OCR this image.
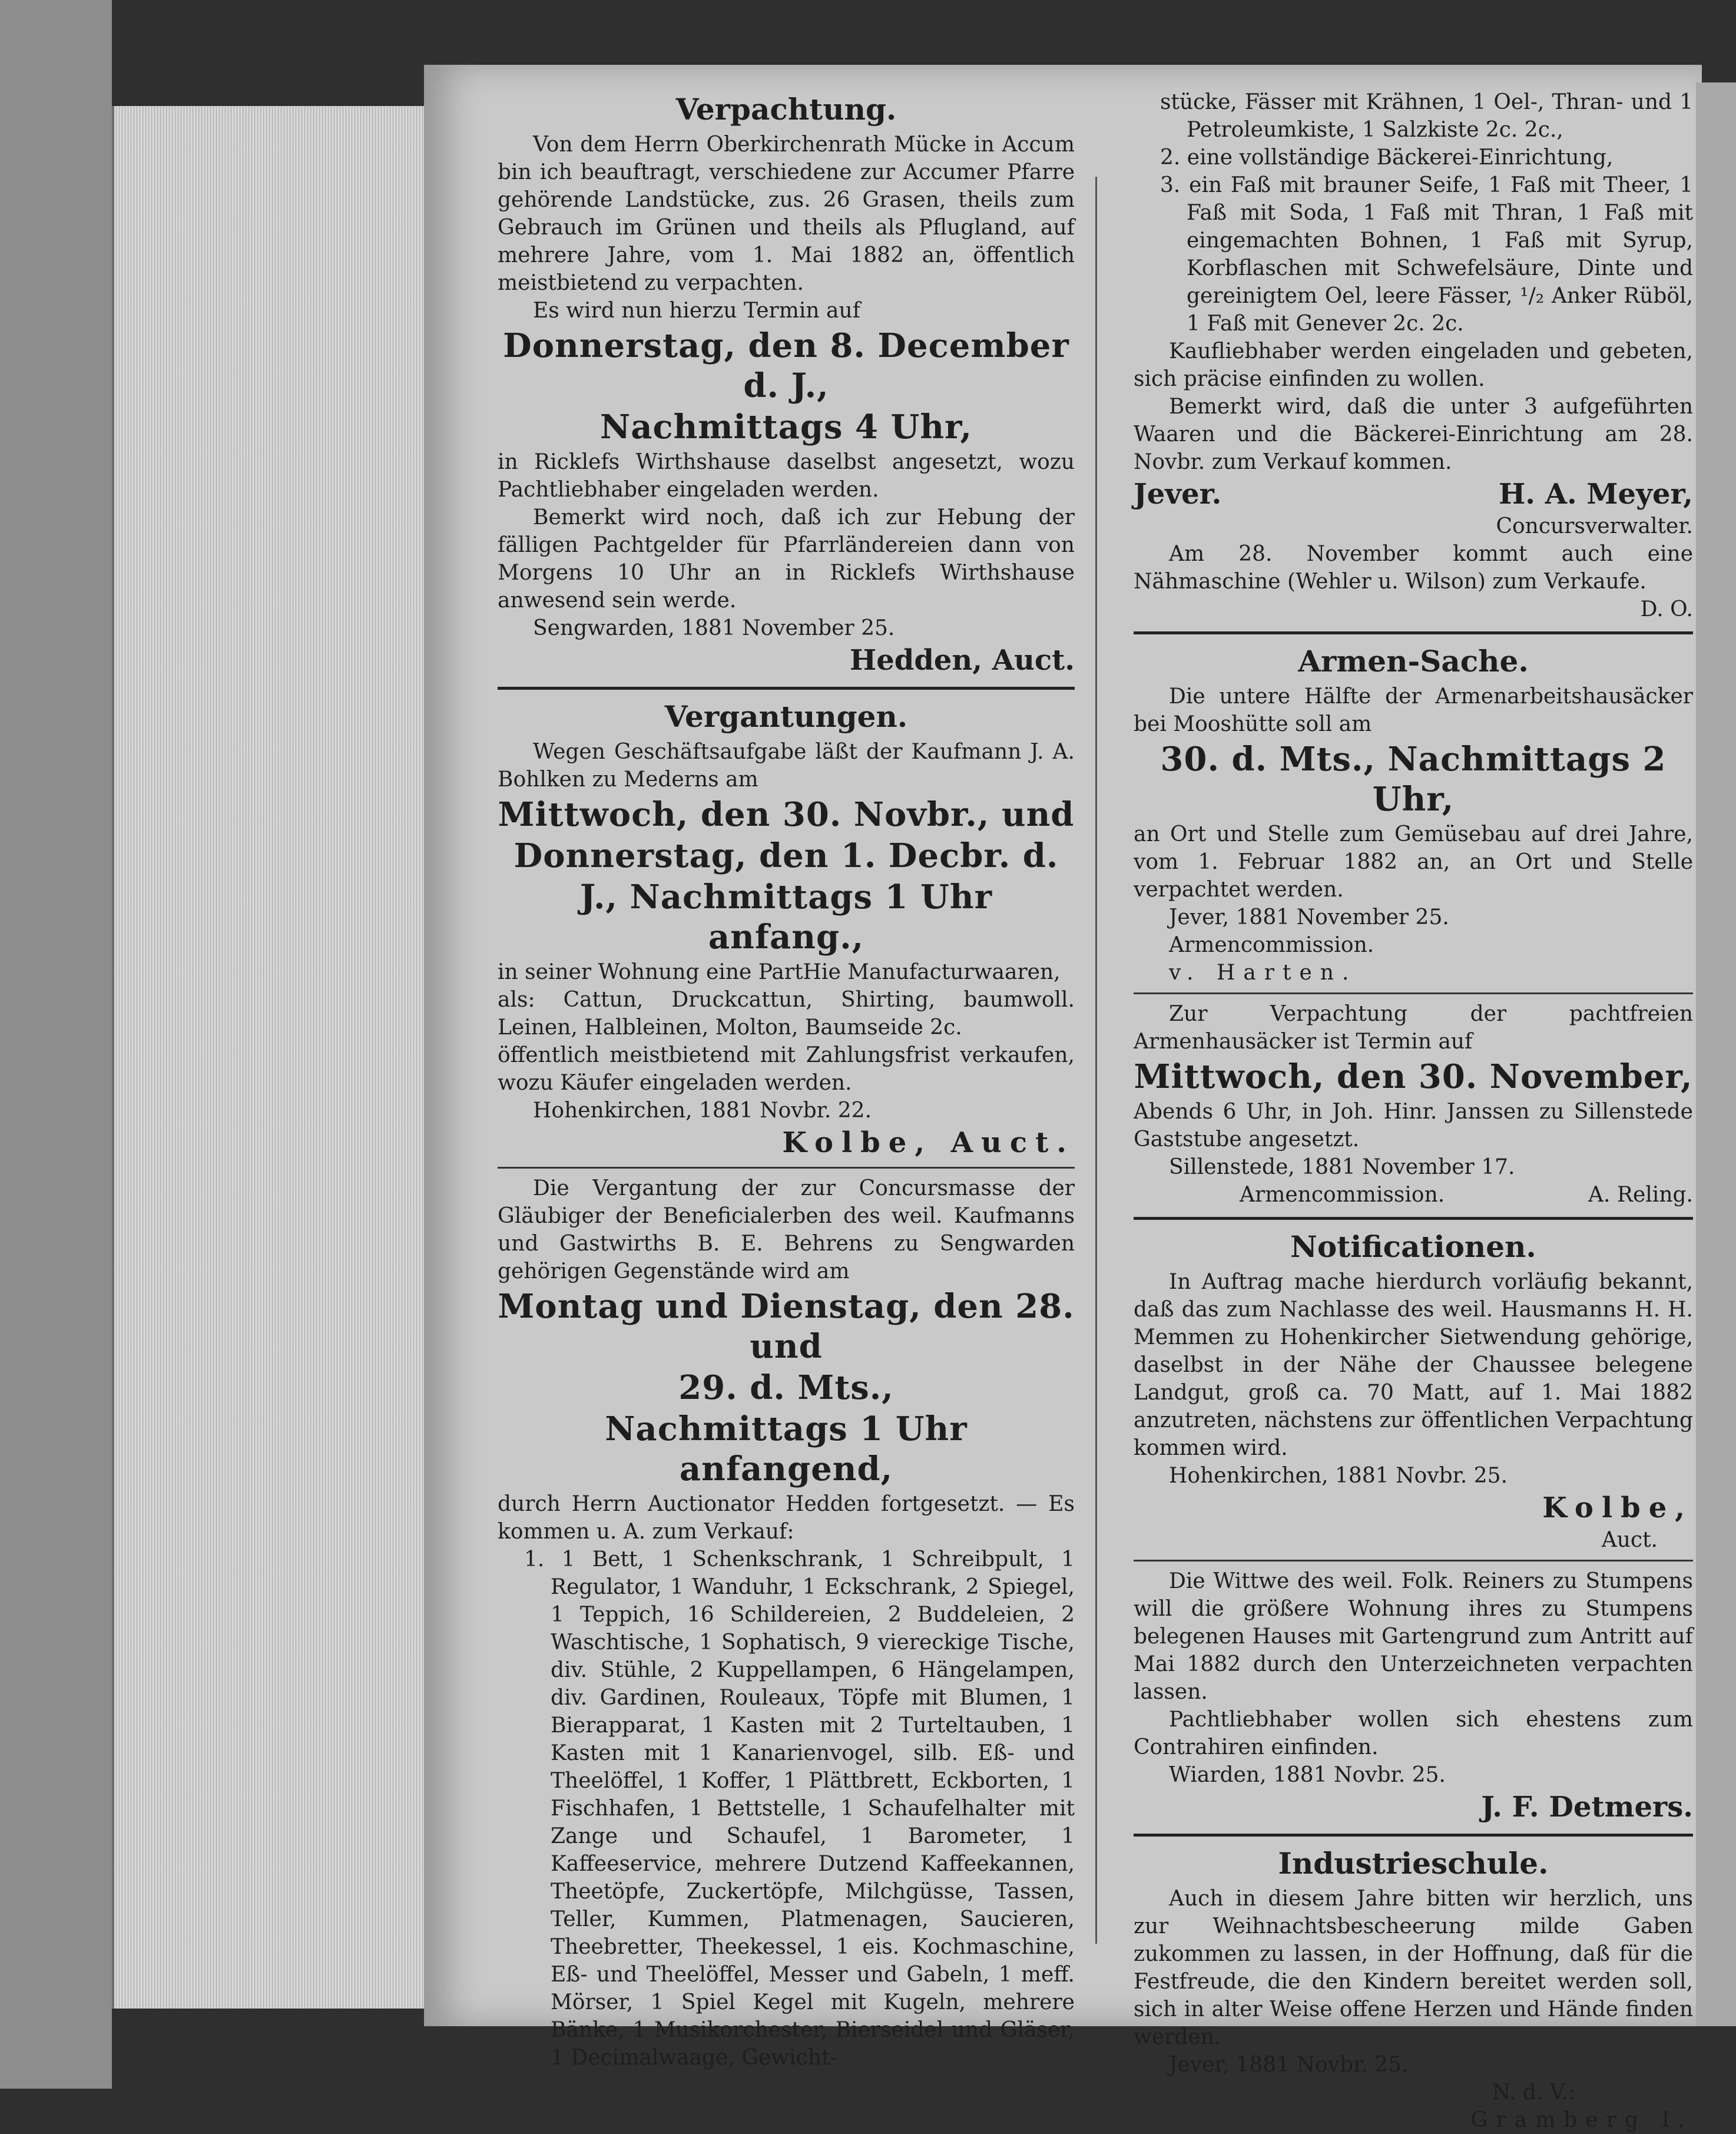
Verpachtung.

Von dem Herrn Oberkirchenrath Mücke in Accum bin ich beauftragt, verschiedene zur Accumer Pfarre gehörende Landstücke, zus. 26 Grasen, theils zum Gebrauch im Grünen und theils als Pflugland, auf mehrere Jahre, vom 1. Mai 1882 an, öffentlich meistbietend zu verpachten.

Es wird nun hierzu Termin auf

Donnerstag, den 8. December d. J.,
Nachmittags 4 Uhr,

in Ricklefs Wirthshause daselbst angesetzt, wozu Pachtliebhaber eingeladen werden.

Bemerkt wird noch, daß ich zur Hebung der fälligen Pachtgelder für Pfarrländereien dann von Morgens 10 Uhr an in Ricklefs Wirthshause anwesend sein werde.

Sengwarden, 1881 November 25.

Hedden, Auct.
Vergantungen.

Wegen Geschäftsaufgabe läßt der Kaufmann J. A. Bohlken zu Mederns am

Mittwoch, den 30. Novbr., und
Donnerstag, den 1. Decbr. d.
J., Nachmittags 1 Uhr anfang.,

in seiner Wohnung eine PartHie Manufacturwaaren,

als: Cattun, Druckcattun, Shirting, baumwoll. Leinen, Halbleinen, Molton, Baumseide 2c.

öffentlich meistbietend mit Zahlungsfrist verkaufen, wozu Käufer eingeladen werden.

Hohenkirchen, 1881 Novbr. 22.

Kolbe, Auct.

Die Vergantung der zur Concursmasse der Gläubiger der Beneficialerben des weil. Kaufmanns und Gastwirths B. E. Behrens zu Sengwarden gehörigen Gegenstände wird am

Montag und Dienstag, den 28. und
29. d. Mts.,
Nachmittags 1 Uhr anfangend,

durch Herrn Auctionator Hedden fortgesetzt. — Es kommen u. A. zum Verkauf:

1. 1 Bett, 1 Schenkschrank, 1 Schreibpult, 1 Regulator, 1 Wanduhr, 1 Eckschrank, 2 Spiegel, 1 Teppich, 16 Schildereien, 2 Buddeleien, 2 Waschtische, 1 Sophatisch, 9 viereckige Tische, div. Stühle, 2 Kuppellampen, 6 Hängelampen, div. Gardinen, Rouleaux, Töpfe mit Blumen, 1 Bierapparat, 1 Kasten mit 2 Turteltauben, 1 Kasten mit 1 Kanarienvogel, silb. Eß- und Theelöffel, 1 Koffer, 1 Plättbrett, Eckborten, 1 Fischhafen, 1 Bettstelle, 1 Schaufelhalter mit Zange und Schaufel, 1 Barometer, 1 Kaffeeservice, mehrere Dutzend Kaffeekannen, Theetöpfe, Zuckertöpfe, Milchgüsse, Tassen, Teller, Kummen, Platmenagen, Saucieren, Theebretter, Theekessel, 1 eis. Kochmaschine, Eß- und Theelöffel, Messer und Gabeln, 1 meff. Mörser, 1 Spiel Kegel mit Kugeln, mehrere Bänke, 1 Musikorchester, Bierseidel und Gläser, 1 Decimalwaage, Gewicht-

stücke, Fässer mit Krähnen, 1 Oel-, Thran- und 1 Petroleumkiste, 1 Salzkiste 2c. 2c.,

2. eine vollständige Bäckerei-Einrichtung,

3. ein Faß mit brauner Seife, 1 Faß mit Theer, 1 Faß mit Soda, 1 Faß mit Thran, 1 Faß mit eingemachten Bohnen, 1 Faß mit Syrup, Korbflaschen mit Schwefelsäure, Dinte und gereinigtem Oel, leere Fässer, ¹/₂ Anker Rüböl, 1 Faß mit Genever 2c. 2c.

Kaufliebhaber werden eingeladen und gebeten, sich präcise einfinden zu wollen.

Bemerkt wird, daß die unter 3 aufgeführten Waaren und die Bäckerei-Einrichtung am 28. Novbr. zum Verkauf kommen.

Jever.	H. A. Meyer,
Concursverwalter.

Am 28. November kommt auch eine Nähmaschine (Wehler u. Wilson) zum Verkaufe.

D. O.
Armen-Sache.

Die untere Hälfte der Armenarbeitshausäcker bei Mooshütte soll am

30. d. Mts., Nachmittags 2 Uhr,

an Ort und Stelle zum Gemüsebau auf drei Jahre, vom 1. Februar 1882 an, an Ort und Stelle verpachtet werden.

Jever, 1881 November 25.

Armencommission.

v. Harten.

Zur Verpachtung der pachtfreien Armenhausäcker ist Termin auf

Mittwoch, den 30. November,

Abends 6 Uhr, in Joh. Hinr. Janssen zu Sillenstede Gaststube angesetzt.

Sillenstede, 1881 November 17.

Armencommission.	A. Reling.
Notificationen.

In Auftrag mache hierdurch vorläufig bekannt, daß das zum Nachlasse des weil. Hausmanns H. H. Memmen zu Hohenkircher Sietwendung gehörige, daselbst in der Nähe der Chaussee belegene Landgut, groß ca. 70 Matt, auf 1. Mai 1882 anzutreten, nächstens zur öffentlichen Verpachtung kommen wird.

Hohenkirchen, 1881 Novbr. 25.

Kolbe,
Auct.

Die Wittwe des weil. Folk. Reiners zu Stumpens will die größere Wohnung ihres zu Stumpens belegenen Hauses mit Gartengrund zum Antritt auf Mai 1882 durch den Unterzeichneten verpachten lassen.

Pachtliebhaber wollen sich ehestens zum Contrahiren einfinden.

Wiarden, 1881 Novbr. 25.

J. F. Detmers.
Industrieschule.

Auch in diesem Jahre bitten wir herzlich, uns zur Weihnachtsbescheerung milde Gaben zukommen zu lassen, in der Hoffnung, daß für die Festfreude, die den Kindern bereitet werden soll, sich in alter Weise offene Herzen und Hände finden werden.

Jever, 1881 Novbr. 25.

N. d. V.:
Gramberg I.
